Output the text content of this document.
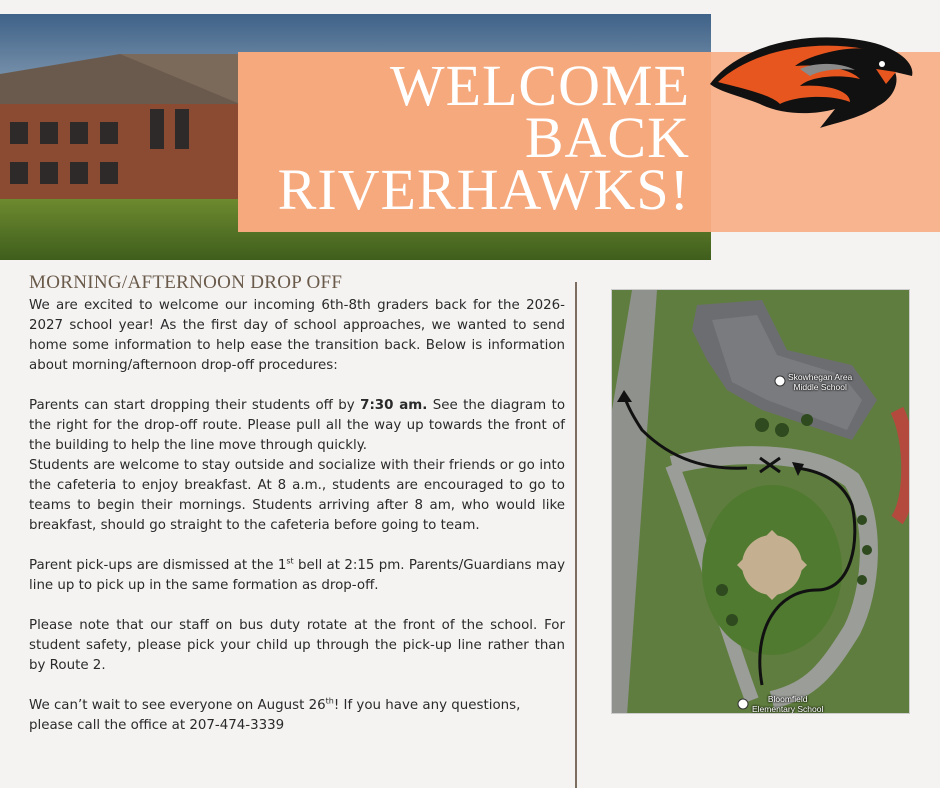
WELCOME
BACK
RIVERHAWKS!
MORNING/AFTERNOON DROP OFF

We are excited to welcome our incoming 6th-8th graders back for the 2026-2027 school year! As the first day of school approaches, we wanted to send home some information to help ease the transition back. Below is information about morning/afternoon drop-off procedures:

Parents can start dropping their students off by 7:30 am. See the diagram to the right for the drop-off route. Please pull all the way up towards the front of the building to help the line move through quickly.

Students are welcome to stay outside and socialize with their friends or go into the cafeteria to enjoy breakfast. At 8 a.m., students are encouraged to go to teams to begin their mornings. Students arriving after 8 am, who would like breakfast, should go straight to the cafeteria before going to team.

Parent pick-ups are dismissed at the 1st bell at 2:15 pm. Parents/Guardians may line up to pick up in the same formation as drop-off.

Please note that our staff on bus duty rotate at the front of the school. For student safety, please pick your child up through the pick-up line rather than by Route 2.

We can’t wait to see everyone on August 26th! If you have any questions, please call the office at 207-474-3339

Skowhegan Area
Middle School
Bloomfield
Elementary School
